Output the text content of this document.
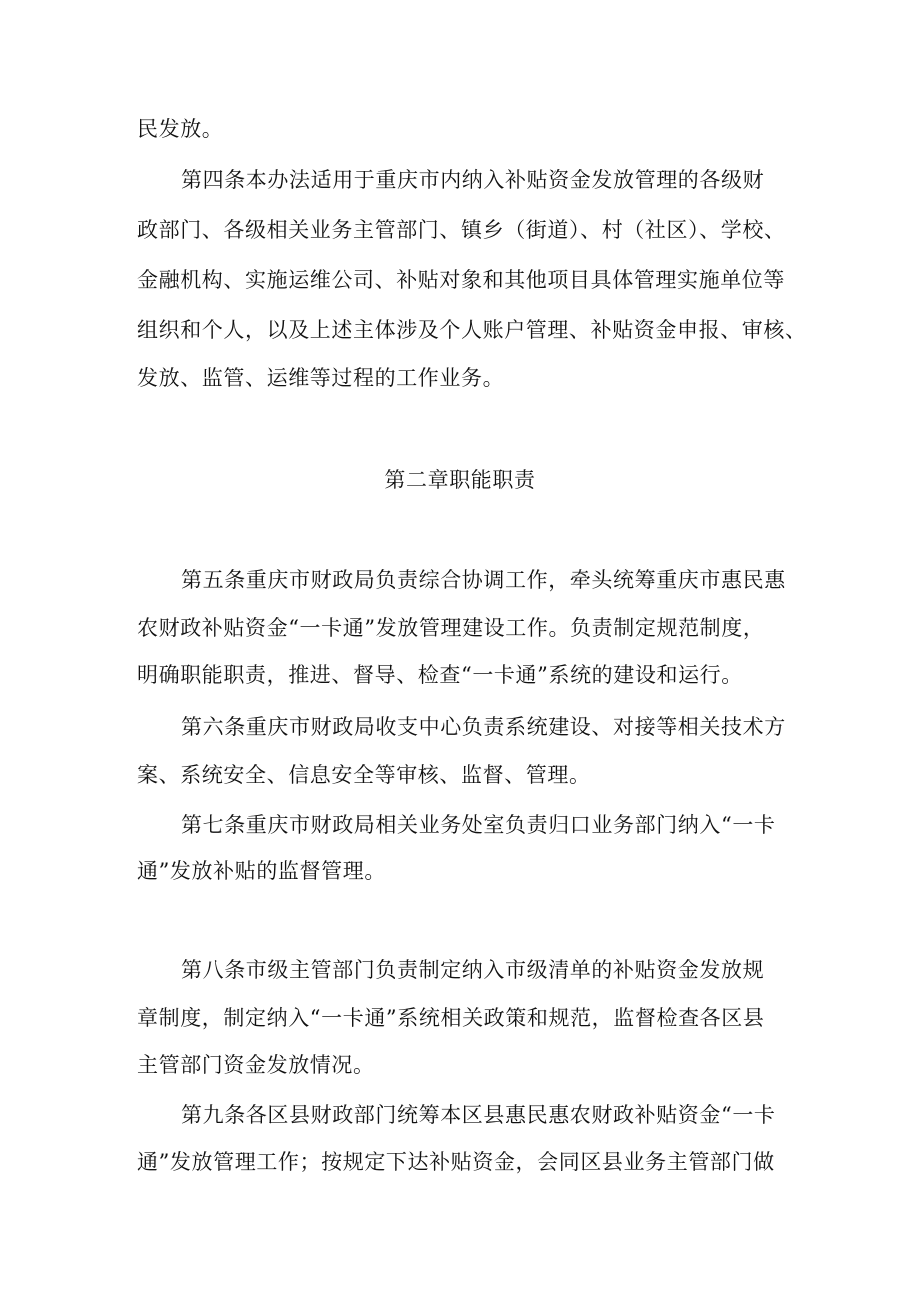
民发放。
第四条本办法适用于重庆市内纳入补贴资金发放管理的各级财
政部门、各级相关业务主管部门、镇乡（街道）、村（社区）、学校、
金融机构、实施运维公司、补贴对象和其他项目具体管理实施单位等
组织和个人，以及上述主体涉及个人账户管理、补贴资金申报、审核、
发放、监管、运维等过程的工作业务。
第二章职能职责
第五条重庆市财政局负责综合协调工作，牵头统筹重庆市惠民惠
农财政补贴资金“一卡通”发放管理建设工作。负责制定规范制度，
明确职能职责，推进、督导、检查“一卡通”系统的建设和运行。
第六条重庆市财政局收支中心负责系统建设、对接等相关技术方
案、系统安全、信息安全等审核、监督、管理。
第七条重庆市财政局相关业务处室负责归口业务部门纳入“一卡
通”发放补贴的监督管理。
第八条市级主管部门负责制定纳入市级清单的补贴资金发放规
章制度，制定纳入“一卡通”系统相关政策和规范，监督检查各区县
主管部门资金发放情况。
第九条各区县财政部门统筹本区县惠民惠农财政补贴资金“一卡
通”发放管理工作；按规定下达补贴资金，会同区县业务主管部门做
